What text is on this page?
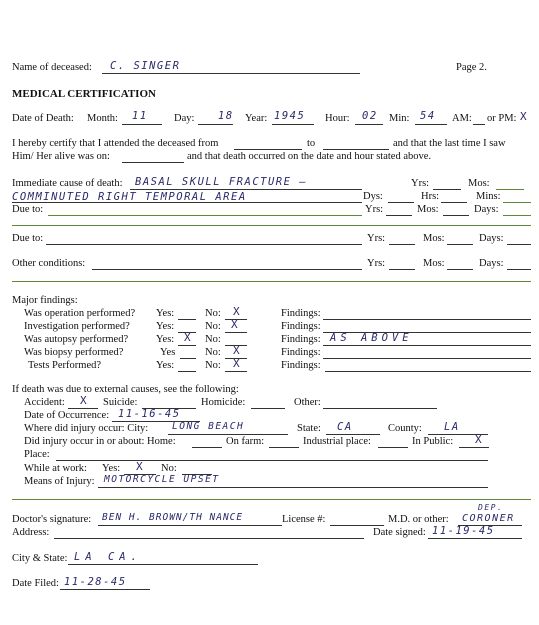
Name of deceased: C. SINGER	Page 2.
MEDICAL CERTIFICATION
Date of Death: Month: 11	Day: 18 Year: 1945 Hour: 02 Min: 54 AM: or PM: X
I hereby certify that I attended the deceased from	to	and that the last time I saw
Him/ Her alive was on:	and that death occurred on the date and hour stated above.
Immediate cause of death: BASAL SKULL FRACTURE –	Yrs:	Mos:
COMMINUTED RIGHT TEMPORAL AREA	Dys:	Hrs:	Mins:
Due to:	Yrs:	Mos:	Days:
Due to:	Yrs:	Mos:	Days:
Other conditions:	Yrs:	Mos:	Days:
Major findings:
Was operation performed? Yes:	No: X	Findings:
Investigation performed? Yes:	No: X	Findings:
Was autopsy performed?	Yes: X No:	Findings: AS ABOVE
Was biopsy performed?	Yes	No: X	Findings:
Tests Performed?	Yes:	No: X	Findings:
If death was due to external causes, see the following:
Accident: X Suicide:	Homicide:	Other:
Date of Occurrence: 11-16-45
Where did injury occur: City:	LONG BEACH	State: CA	County: LA
Did injury occur in or about: Home:	On farm:	Industrial place:	In Public: X
Place:
While at work: Yes: X No:
Means of Injury: MOTORCYCLE UPSET
Doctor's signature: BEN H. BROWN/TH NANCE	License #:	M.D. or other:
DEP.
CORONER
Address:	Date signed: 11-19-45
City & State: LA CA.
Date Filed: 11-28-45
